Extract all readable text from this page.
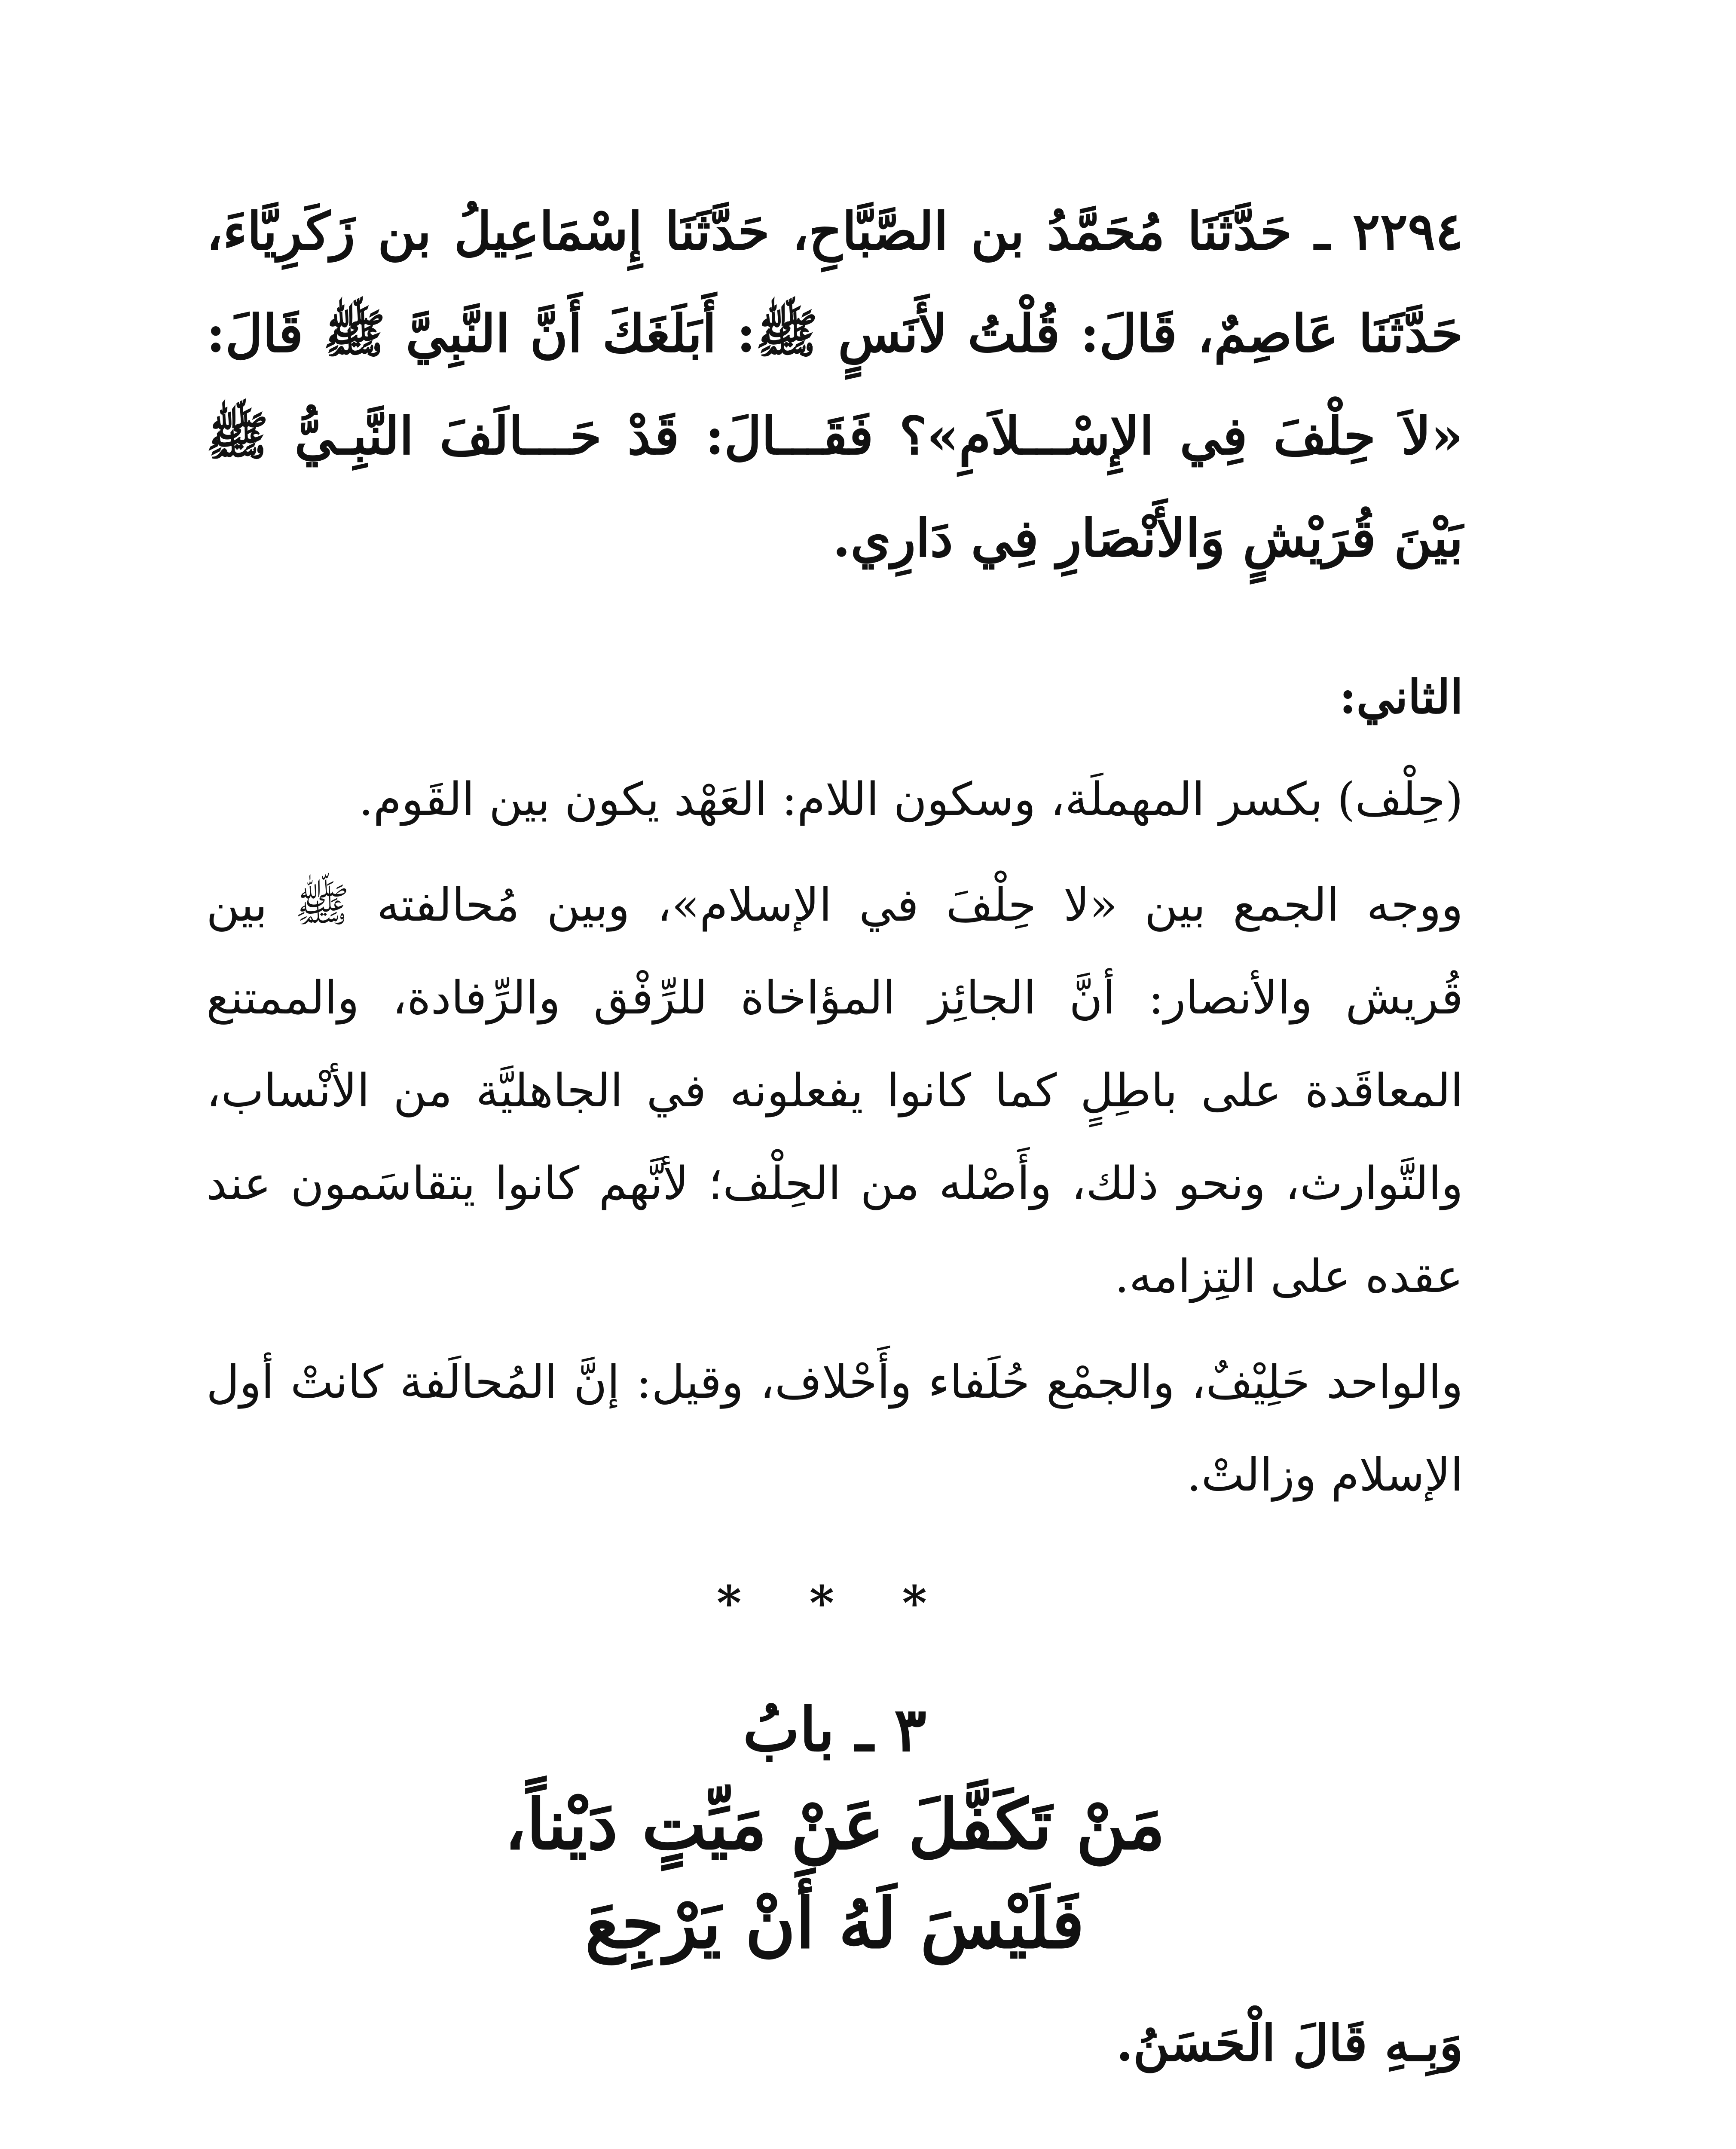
٢٢٩٤ ـ حَدَّثَنَا مُحَمَّدُ بن الصَّبَّاحِ، حَدَّثَنَا إِسْمَاعِيلُ بن زَكَرِيَّاءَ، حَدَّثَنَا عَاصِمٌ، قَالَ: قُلْتُ لأَنَسٍ ﷺ: أَبَلَغَكَ أَنَّ النَّبِيَّ ﷺ قَالَ: «لاَ حِلْفَ فِي الإِسْـــلاَمِ»؟ فَقَـــالَ: قَدْ حَـــالَفَ النَّبِـيُّ ﷺ بَيْنَ قُرَيْشٍ وَالأَنْصَارِ فِي دَارِي.

الثاني:

(حِلْف) بكسر المهملَة، وسكون اللام: العَهْد يكون بين القَوم.

ووجه الجمع بين «لا حِلْفَ في الإسلام»، وبين مُحالفته ﷺ بين قُريش والأنصار: أنَّ الجائِز المؤاخاة للرِّفْق والرِّفادة، والممتنع المعاقَدة على باطِلٍ كما كانوا يفعلونه في الجاهليَّة من الأنْساب، والتَّوارث، ونحو ذلك، وأَصْله من الحِلْف؛ لأنَّهم كانوا يتقاسَمون عند عقده على التِزامه.

والواحد حَلِيْفٌ، والجمْع حُلَفاء وأَحْلاف، وقيل: إنَّ المُحالَفة كانتْ أول الإسلام وزالتْ.

* * *

٣ ـ بابُ

مَنْ تَكَفَّلَ عَنْ مَيِّتٍ دَيْناً،

فَلَيْسَ لَهُ أَنْ يَرْجِعَ

وَبِـهِ قَالَ الْحَسَنُ.
